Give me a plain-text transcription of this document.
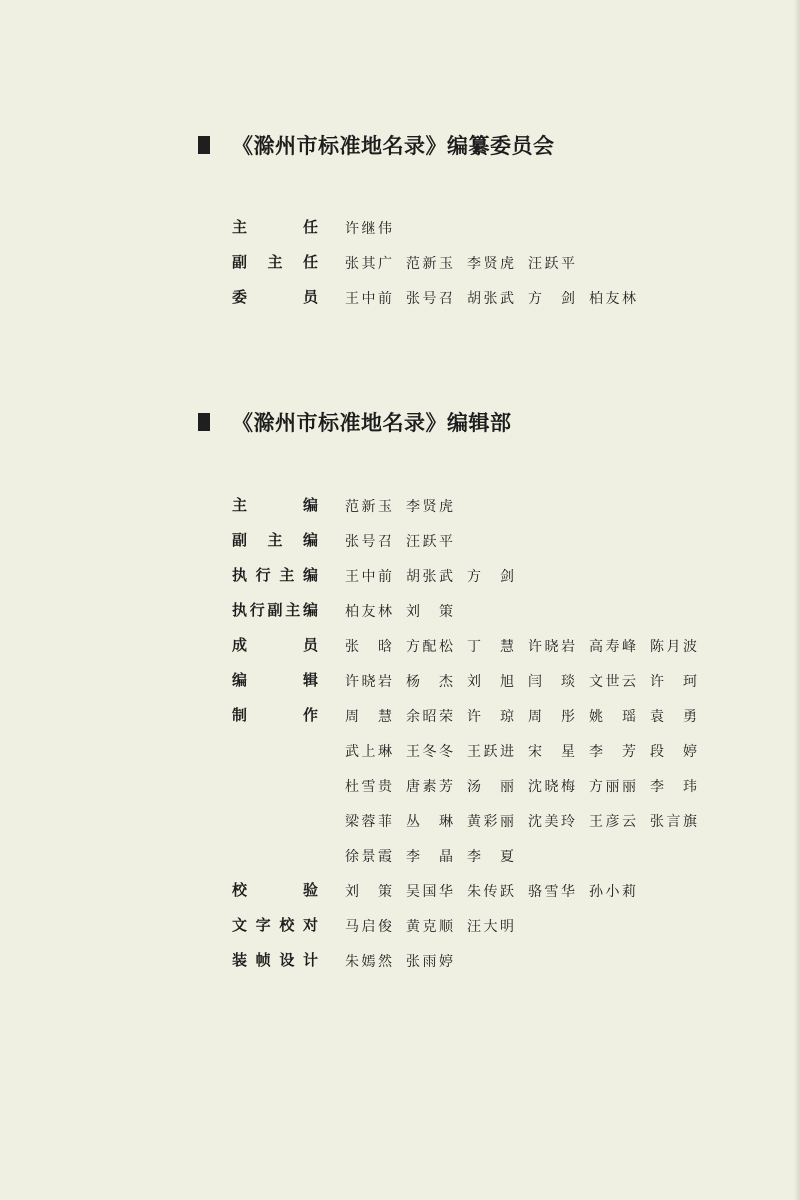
《滁州市标准地名录》编纂委员会
主任 许继伟
副主任 张其广	范新玉	李贤虎	汪跃平
委员 王中前	张号召	胡张武	方剑	柏友林
《滁州市标准地名录》编辑部
主编 范新玉	李贤虎
副主编 张号召	汪跃平
执行主编 王中前	胡张武	方剑
执行副主编 柏友林	刘策
成员 张晗	方配松	丁慧	许晓岩	高寿峰	陈月波
编辑 许晓岩	杨杰	刘旭	闫琰	文世云	许珂
制作 周慧	余昭荣	许琼	周彤	姚瑶	袁勇
武上琳	王冬冬	王跃进	宋星	李芳	段婷
杜雪贵	唐素芳	汤丽	沈晓梅	方丽丽	李玮
梁蓉菲	丛琳	黄彩丽	沈美玲	王彦云	张言旗
徐景霞	李晶	李夏
校验 刘策	吴国华	朱传跃	骆雪华	孙小莉
文字校对 马启俊	黄克顺	汪大明
装帧设计 朱嫣然	张雨婷
